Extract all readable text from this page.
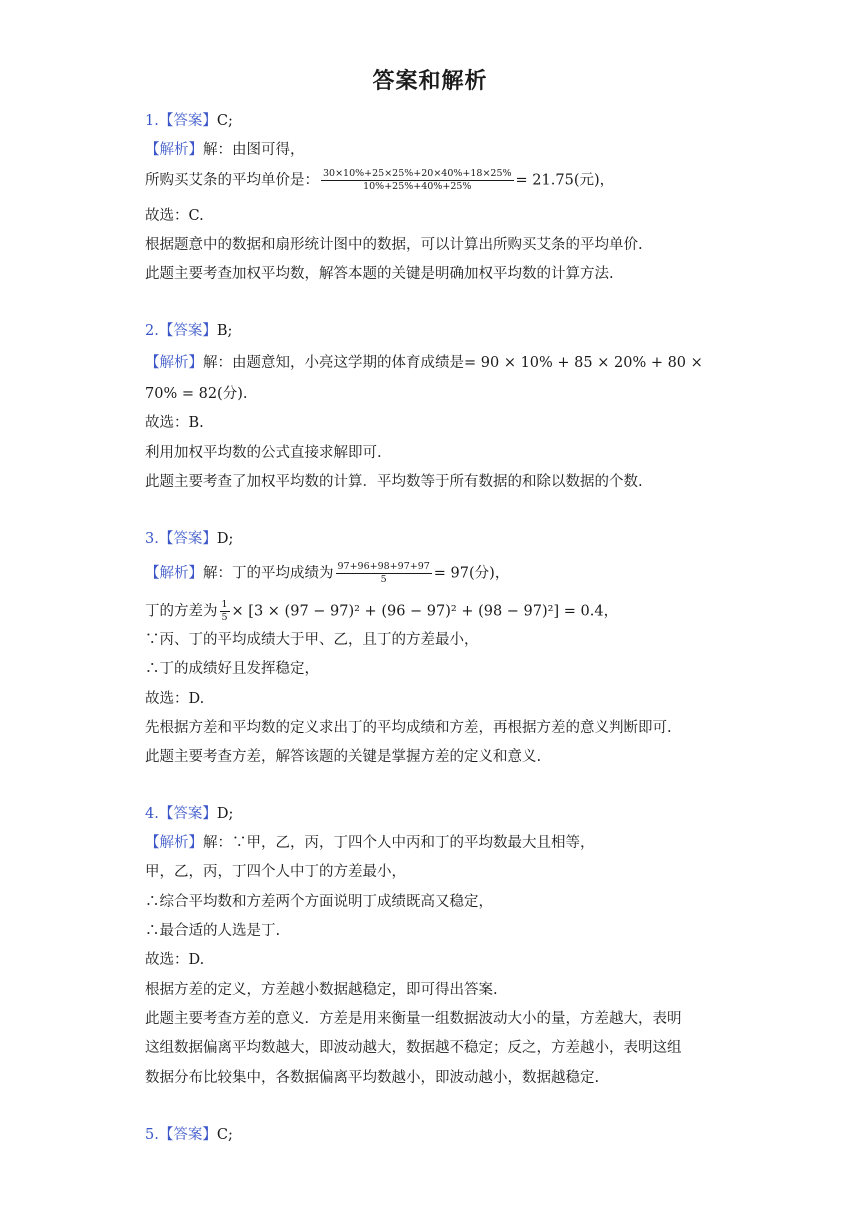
答案和解析
1.【答案】C;
【解析】解：由图可得，
所购买艾条的平均单价是： $\frac{30\times 10\%+25\times 25\%+20\times 40\%+18\times 25\%}{10\%+25\%+40\%+25\%} = 21.75$(元)，
故选：C.
根据题意中的数据和扇形统计图中的数据，可以计算出所购买艾条的平均单价.
此题主要考查加权平均数，解答本题的关键是明确加权平均数的计算方法.
2.【答案】B;
【解析】解：由题意知，小亮这学期的体育成绩是= 90 × 10% + 85 × 20% + 80 ×
70% = 82(分).
故选：B.
利用加权平均数的公式直接求解即可.
此题主要考查了加权平均数的计算．平均数等于所有数据的和除以数据的个数.
3.【答案】D;
【解析】解：丁的平均成绩为 $\frac{97+96+98+97+97}{5} = 97$(分)，
丁的方差为 $\frac{1}{5} \times [3 \times (97 - 97)^2 + (96 - 97)^2 + (98 - 97)^2] = 0.4$，
∵丙、丁的平均成绩大于甲、乙，且丁的方差最小，
∴丁的成绩好且发挥稳定，
故选：D.
先根据方差和平均数的定义求出丁的平均成绩和方差，再根据方差的意义判断即可.
此题主要考查方差，解答该题的关键是掌握方差的定义和意义.
4.【答案】D;
【解析】解：∵甲，乙，丙，丁四个人中丙和丁的平均数最大且相等，
甲，乙，丙，丁四个人中丁的方差最小，
∴综合平均数和方差两个方面说明丁成绩既高又稳定，
∴最合适的人选是丁.
故选：D.
根据方差的定义，方差越小数据越稳定，即可得出答案.
此题主要考查方差的意义．方差是用来衡量一组数据波动大小的量，方差越大，表明
这组数据偏离平均数越大，即波动越大，数据越不稳定；反之，方差越小，表明这组
数据分布比较集中，各数据偏离平均数越小，即波动越小，数据越稳定.
5.【答案】C;
